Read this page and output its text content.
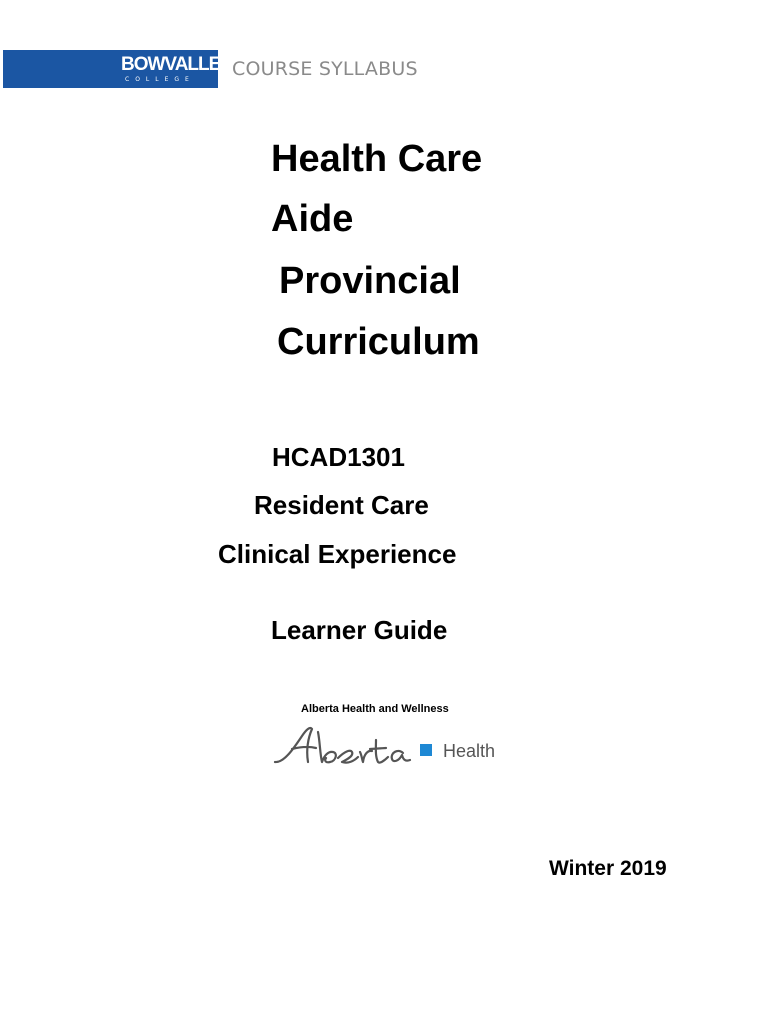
BOWVALLEY
COLLEGE	COURSE SYLLABUS
Health Care
Aide
Provincial
Curriculum
HCAD1301
Resident Care
Clinical Experience
Learner Guide
Alberta Health and Wellness
Health
Winter 2019
